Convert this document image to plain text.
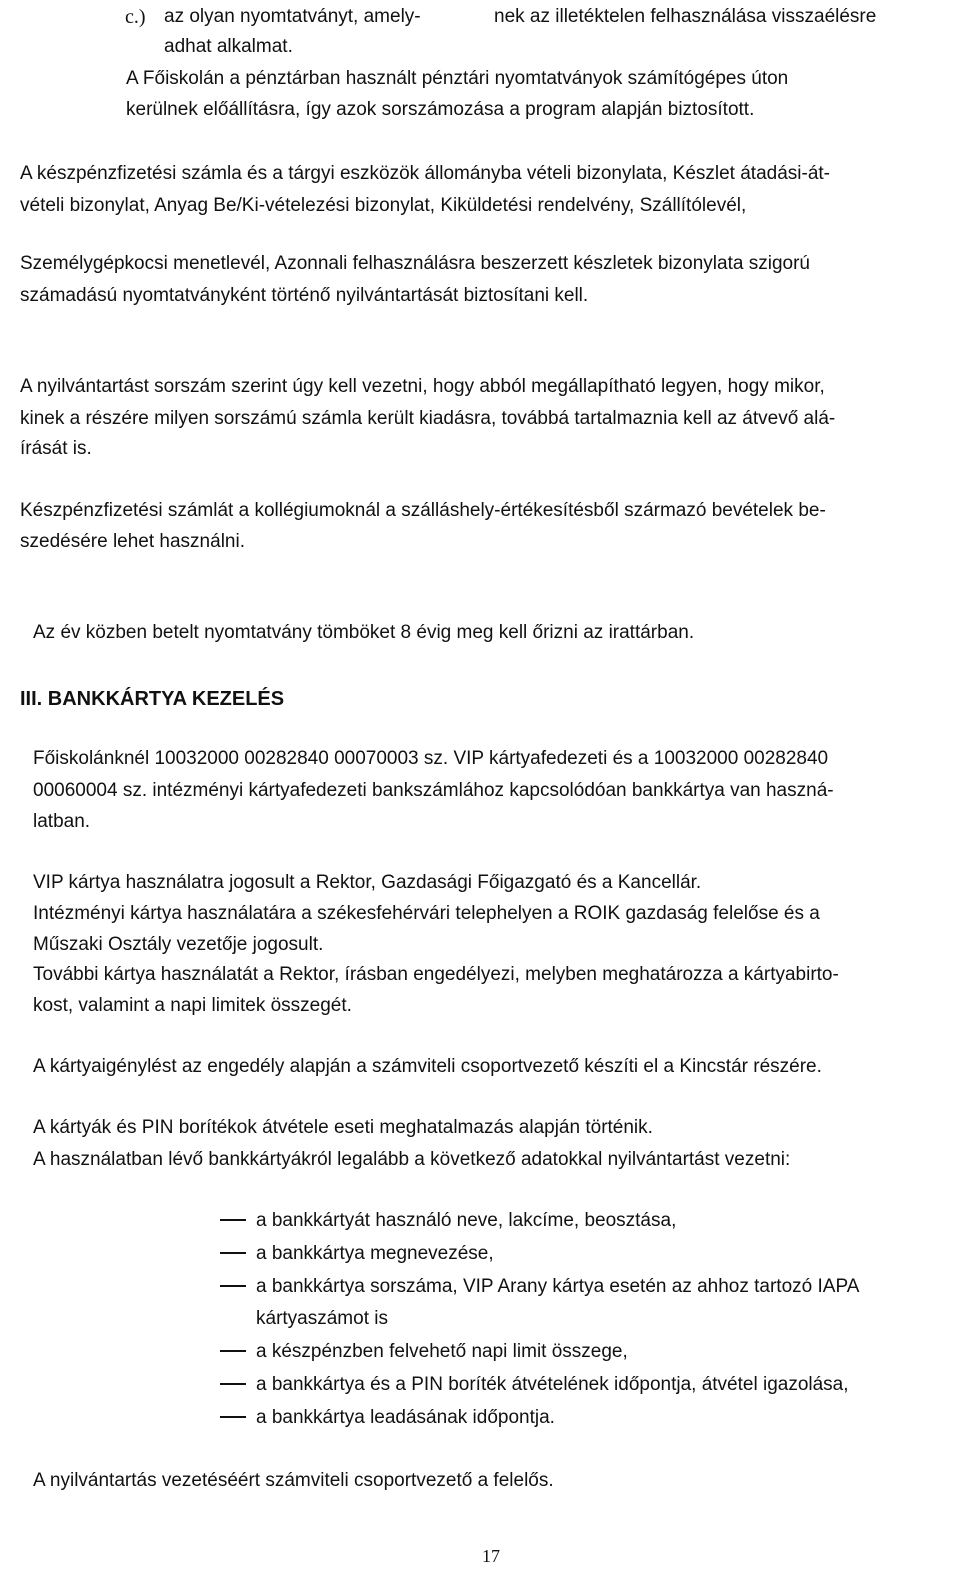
c.) az olyan nyomtatványt, amely-	nek az illetéktelen felhasználása visszaélésre
adhat alkalmat.
A Főiskolán a pénztárban használt pénztári nyomtatványok számítógépes úton
kerülnek előállításra, így azok sorszámozása a program alapján biztosított.
A készpénzfizetési számla és a tárgyi eszközök állományba vételi bizonylata, Készlet átadási-át-
vételi bizonylat, Anyag Be/Ki-vételezési bizonylat, Kiküldetési rendelvény, Szállítólevél,
Személygépkocsi menetlevél, Azonnali felhasználásra beszerzett készletek bizonylata szigorú
számadású nyomtatványként történő nyilvántartását biztosítani kell.
A nyilvántartást sorszám szerint úgy kell vezetni, hogy abból megállapítható legyen, hogy mikor,
kinek a részére milyen sorszámú számla került kiadásra, továbbá tartalmaznia kell az átvevő alá-
írását is.
Készpénzfizetési számlát a kollégiumoknál a szálláshely-értékesítésből származó bevételek be-
szedésére lehet használni.
Az év közben betelt nyomtatvány tömböket 8 évig meg kell őrizni az irattárban.
III. BANKKÁRTYA KEZELÉS
Főiskolánknél 10032000 00282840 00070003 sz. VIP kártyafedezeti és a 10032000 00282840
00060004 sz. intézményi kártyafedezeti bankszámlához kapcsolódóan bankkártya van haszná-
latban.
VIP kártya használatra jogosult a Rektor, Gazdasági Főigazgató és a Kancellár.
Intézményi kártya használatára a székesfehérvári telephelyen a ROIK gazdaság felelőse és a
Műszaki Osztály vezetője jogosult.
További kártya használatát a Rektor, írásban engedélyezi, melyben meghatározza a kártyabirto-
kost, valamint a napi limitek összegét.
A kártyaigénylést az engedély alapján a számviteli csoportvezető készíti el a Kincstár részére.
A kártyák és PIN borítékok átvétele eseti meghatalmazás alapján történik.
A használatban lévő bankkártyákról legalább a következő adatokkal nyilvántartást vezetni:
a bankkártyát használó neve, lakcíme, beosztása,
a bankkártya megnevezése,
a bankkártya sorszáma, VIP Arany kártya esetén az ahhoz tartozó IAPA
kártyaszámot is
a készpénzben felvehető napi limit összege,
a bankkártya és a PIN boríték átvételének időpontja, átvétel igazolása,
a bankkártya leadásának időpontja.
A nyilvántartás vezetéséért számviteli csoportvezető a felelős.
17
